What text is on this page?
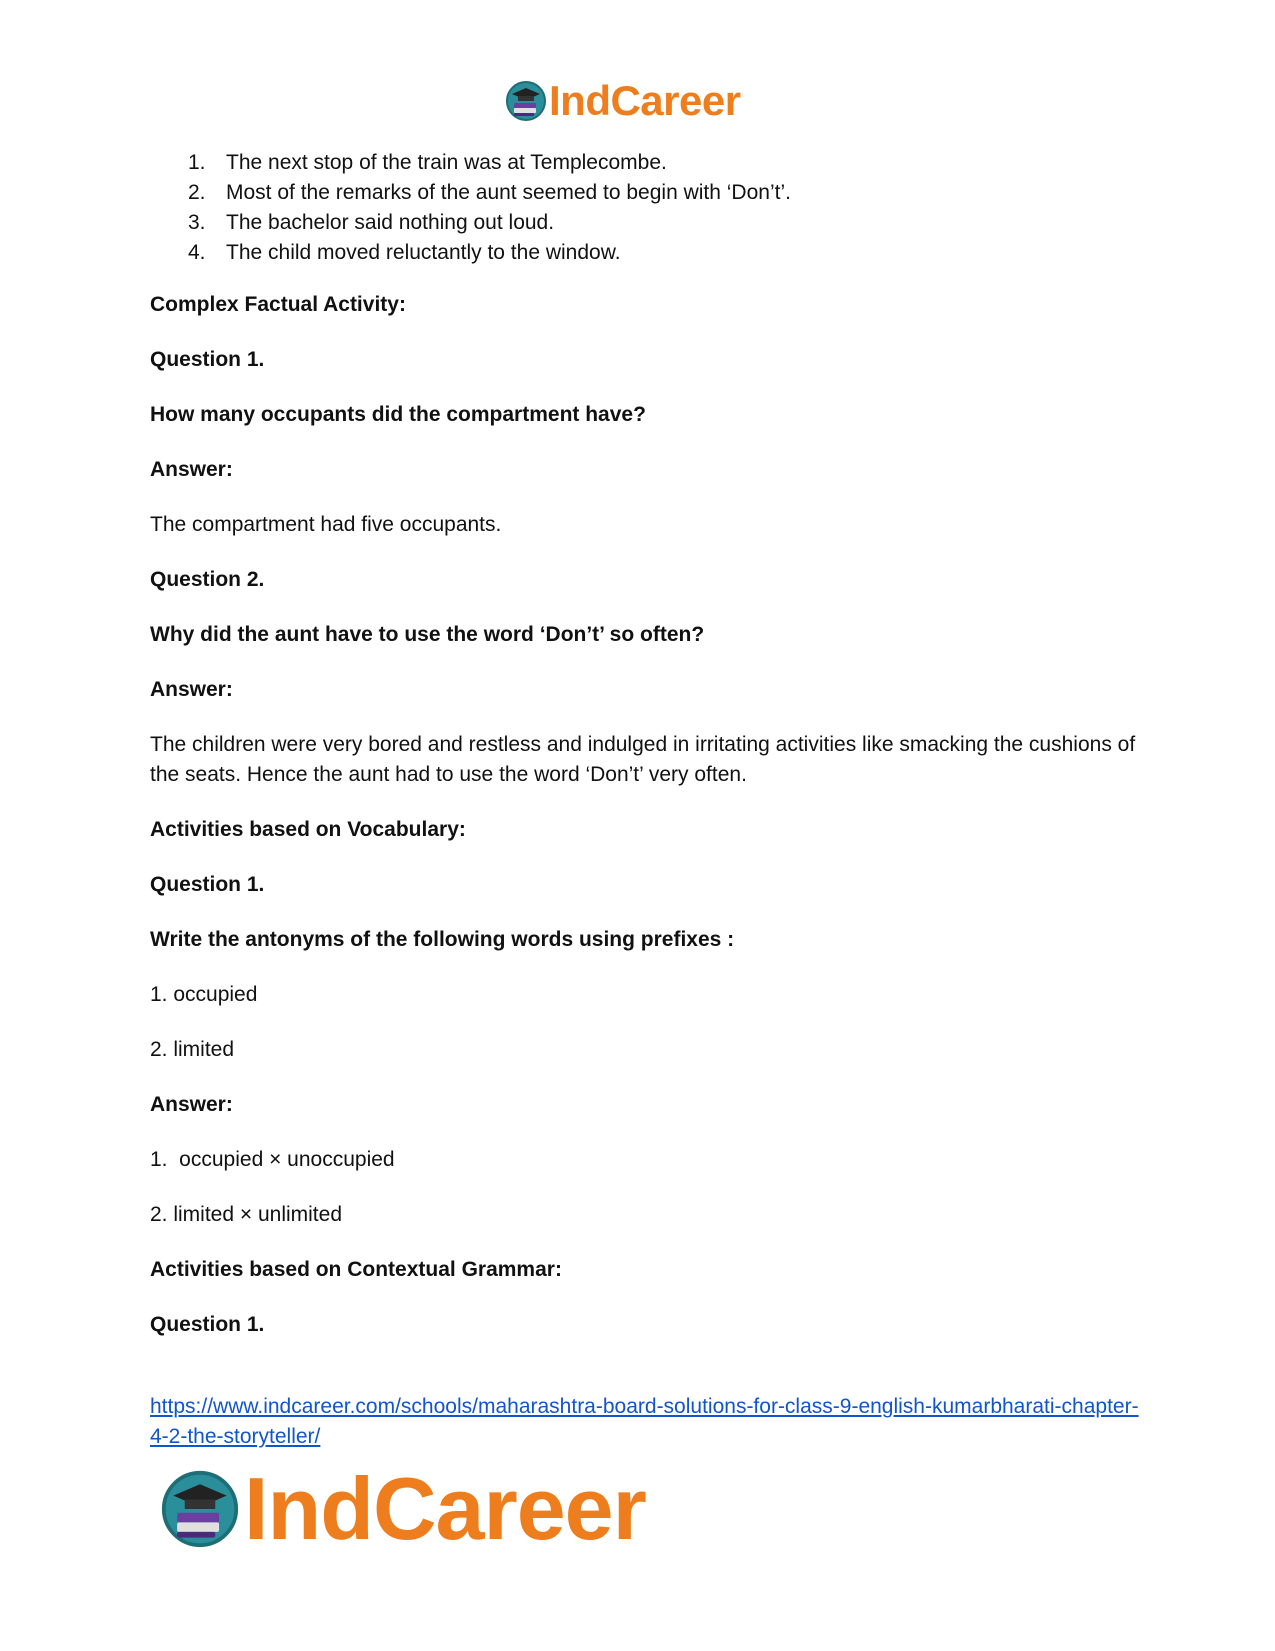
IndCareer
1. The next stop of the train was at Templecombe.
2. Most of the remarks of the aunt seemed to begin with ‘Don’t’.
3. The bachelor said nothing out loud.
4. The child moved reluctantly to the window.

Complex Factual Activity:

Question 1.

How many occupants did the compartment have?

Answer:

The compartment had five occupants.

Question 2.

Why did the aunt have to use the word ‘Don’t’ so often?

Answer:

The children were very bored and restless and indulged in irritating activities like smacking the cushions of the seats. Hence the aunt had to use the word ‘Don’t’ very often.

Activities based on Vocabulary:

Question 1.

Write the antonyms of the following words using prefixes :

1. occupied

2. limited

Answer:

1.  occupied × unoccupied

2. limited × unlimited

Activities based on Contextual Grammar:

Question 1.

https://www.indcareer.com/schools/maharashtra-board-solutions-for-class-9-english-kumarbharati-chapter-4-2-the-storyteller/
IndCareer
